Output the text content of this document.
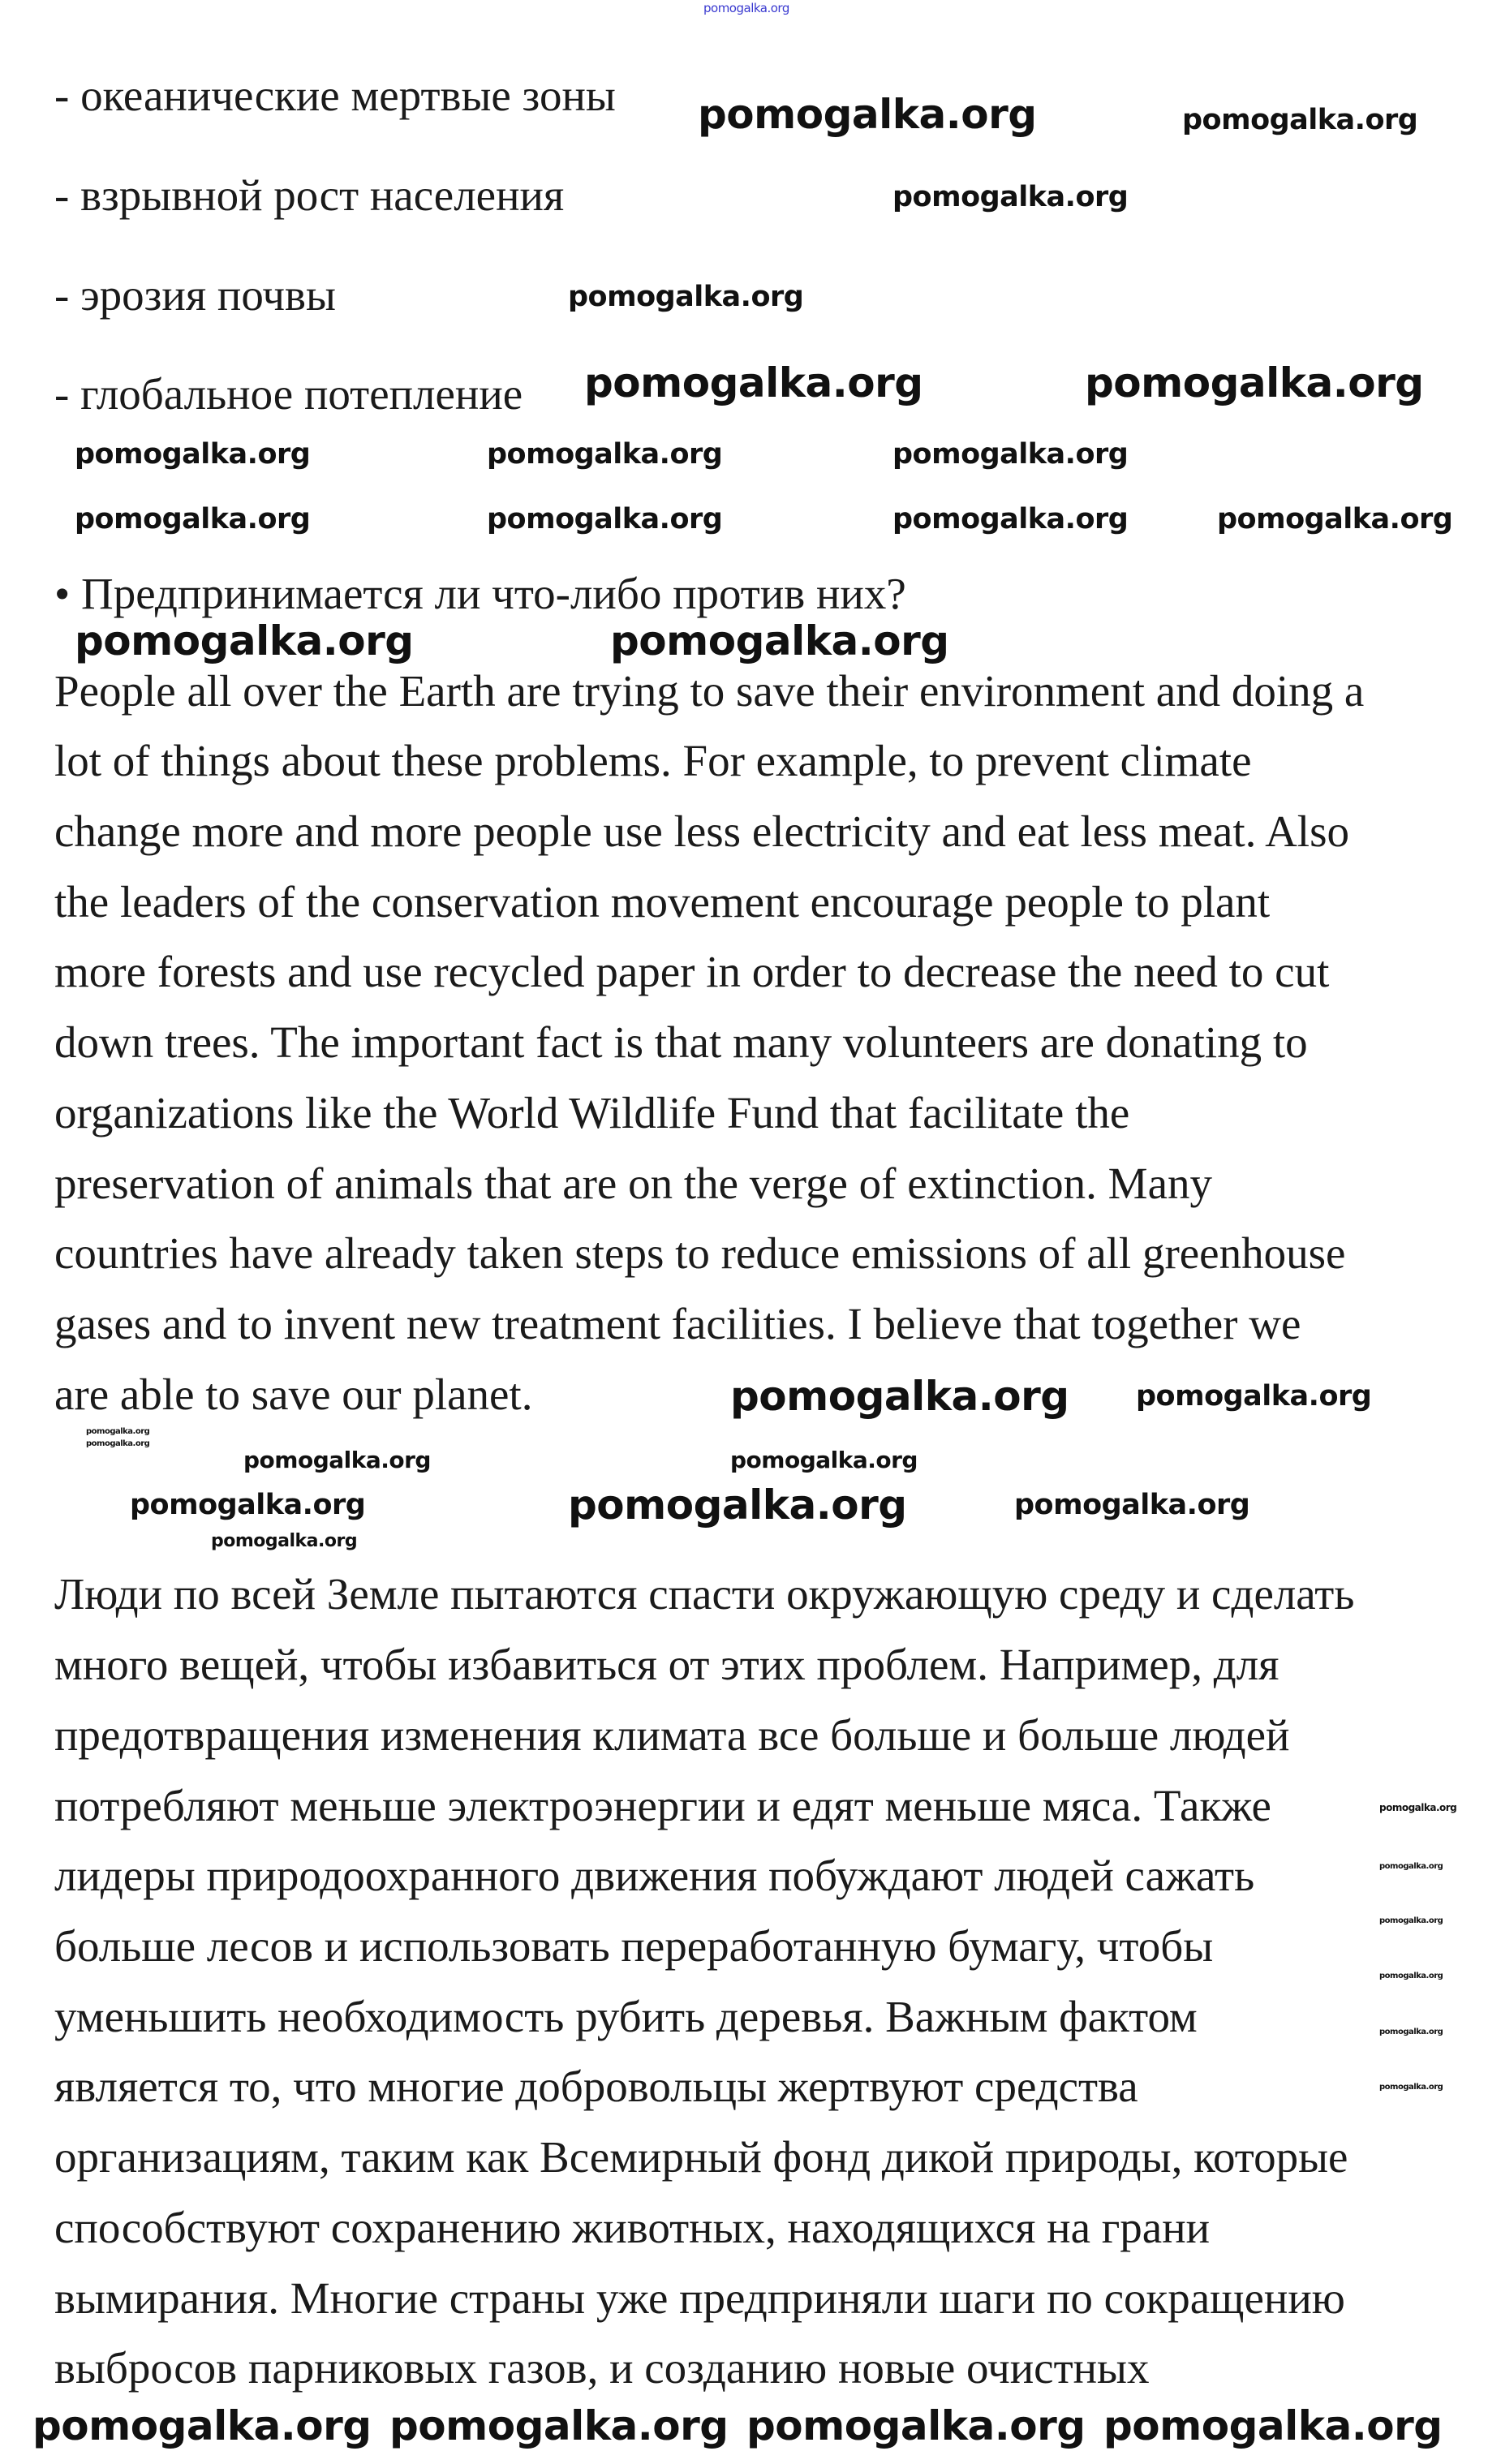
- океанические мертвые зоны
- взрывной рост населения
- эрозия почвы
- глобальное потепление
• Предпринимается ли что-либо против них?
People all over the Earth are trying to save their environment and doing a
lot of things about these problems. For example, to prevent climate
change more and more people use less electricity and eat less meat. Also
the leaders of the conservation movement encourage people to plant
more forests and use recycled paper in order to decrease the need to cut
down trees. The important fact is that many volunteers are donating to
organizations like the World Wildlife Fund that facilitate the
preservation of animals that are on the verge of extinction. Many
countries have already taken steps to reduce emissions of all greenhouse
gases and to invent new treatment facilities. I believe that together we
are able to save our planet.
Люди по всей Земле пытаются спасти окружающую среду и сделать
много вещей, чтобы избавиться от этих проблем. Например, для
предотвращения изменения климата все больше и больше людей
потребляют меньше электроэнергии и едят меньше мяса. Также
лидеры природоохранного движения побуждают людей сажать
больше лесов и использовать переработанную бумагу, чтобы
уменьшить необходимость рубить деревья. Важным фактом
является то, что многие добровольцы жертвуют средства
организациям, таким как Всемирный фонд дикой природы, которые
способствуют сохранению животных, находящихся на грани
вымирания. Многие страны уже предприняли шаги по сокращению
выбросов парниковых газов, и созданию новые очистных
pomogalka.org
pomogalka.org	pomogalka.org
pomogalka.org
pomogalka.org
pomogalka.org	pomogalka.org
pomogalka.org	pomogalka.org	pomogalka.org
pomogalka.org	pomogalka.org	pomogalka.org	pomogalka.org
pomogalka.org	pomogalka.org
pomogalka.org pomogalka.org
pomogalka.org
pomogalka.org
pomogalka.org	pomogalka.org
pomogalka.org	pomogalka.org	pomogalka.org
pomogalka.org
pomogalka.org
pomogalka.org
pomogalka.org
pomogalka.org
pomogalka.org
pomogalka.org
pomogalka.org pomogalka.org pomogalka.org pomogalka.org
